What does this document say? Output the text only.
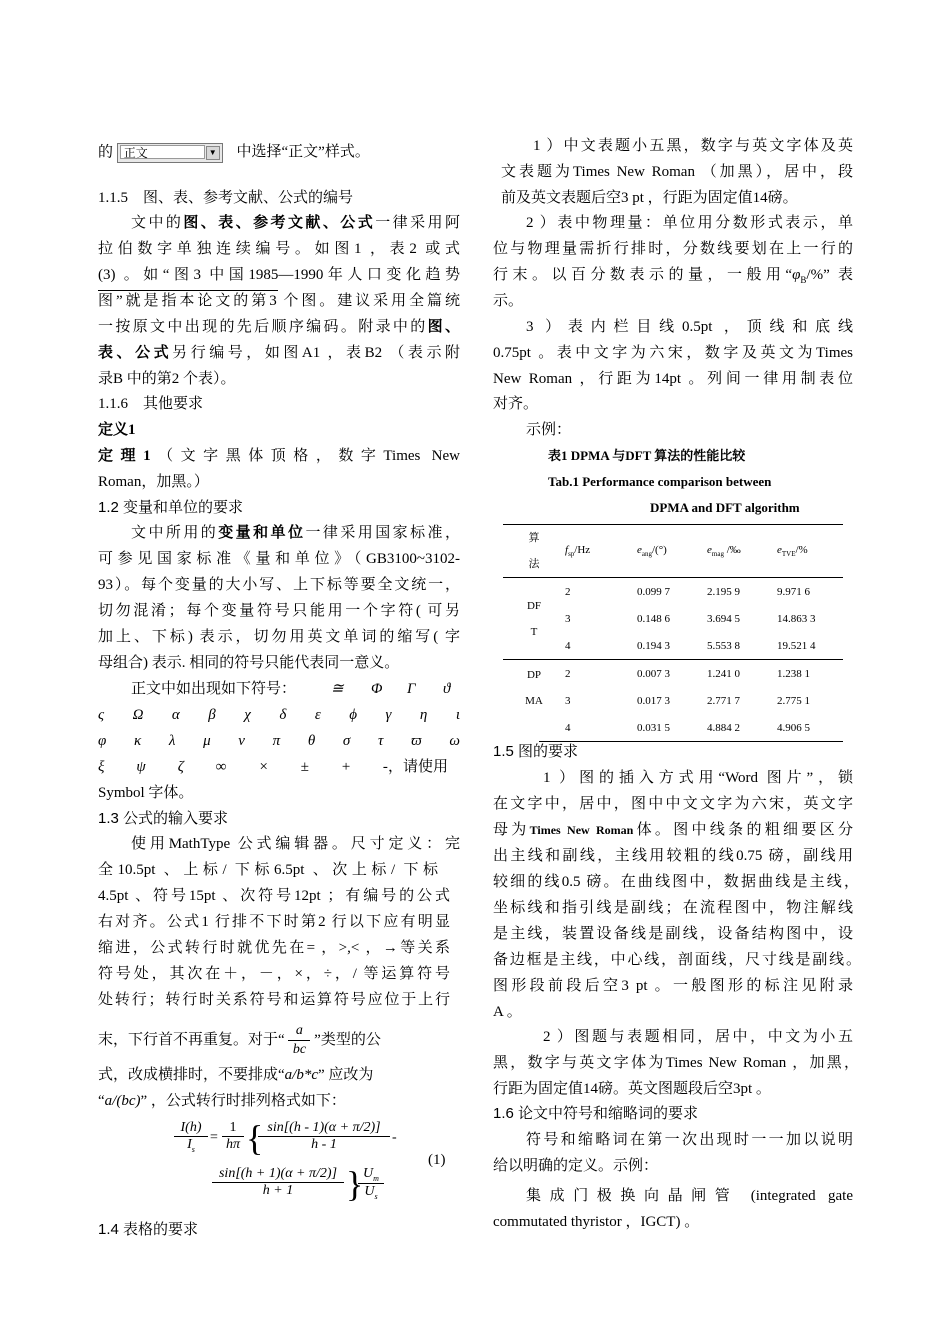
的 正文	▼ 中选择“正文”样式。
1.1.5　图、表、参考文献、公式的编号
文中的图、表、参考文献、公式一律采用阿
拉伯数字单独连续编号。如图1 ，表2 或式
(3) 。如“图3 中国1985—1990年人口变化趋势
图”就是指本论文的第3 个图。建议采用全篇统
一按原文中出现的先后顺序编码。附录中的图、
表、公式另行编号，如图A1 ，表B2 （表示附
录B 中的第2 个表）。
1.1.6　其他要求
定义1
定理1（文字黑体顶格，数字Times New
Roman，加黑。）
1.2 变量和单位的要求
文中所用的变量和单位一律采用国家标准，
可参见国家标准《量和单位》（GB3100~3102-
93）。每个变量的大小写、上下标等要全文统一，
切勿混淆；每个变量符号只能用一个字符( 可另
加上、下标) 表示，切勿用英文单词的缩写( 字
母组合) 表示. 相同的符号只能代表同一意义。
正文中如出现如下符号： ≅ Φ Γ ϑ
ς Ω α β χ δ ε ϕ γ η ι
φ κ λ μ ν π θ σ τ ϖ ω
ξ ψ ζ ∞ × ± + - ，请使用
Symbol 字体。
1.3 公式的输入要求
使用MathType 公式编辑器。尺寸定义：完
全10.5pt 、上标/ 下标6.5pt 、次上标/ 下标
4.5pt 、符号15pt 、次符号12pt ；有编号的公式
右对齐。公式1 行排不下时第2 行以下应有明显
缩进，公式转行时就优先在= ，>,< ，→等关系
符号处，其次在＋，－，×，÷，/ 等运算符号
处转行；转行时关系符号和运算符号应位于上行
末，下行首不再重复。对于“ $\frac{a}{bc}$ ”类型的公
式，改成横排时，不要排成“a/b*c” 应改为
“a/(bc)” ，公式转行时排列格式如下：
$\frac{I(h)}{I_s} = \frac{1}{h\pi}$ {
$\frac{\sin[(h - 1)(\alpha + \pi/2)]}{h - 1}$ -
$\frac{\sin[(h + 1)(\alpha + \pi/2)]}{h + 1}$ }
$\frac{U_m}{U_s}$
(1)
1.4 表格的要求
1 ）中文表题小五黑，数字与英文字体及英
文表题为Times New Roman （加黑），居中，段
前及英文表题后空3 pt ，行距为固定值14磅。
2 ）表中物理量：单位用分数形式表示，单
位与物理量需折行排时，分数线要划在上一行的
行末。以百分数表示的量，一般用“$\varphi_B/\%$” 表
示。
3 ）表内栏目线0.5pt ，顶线和底线
0.75pt 。表中文字为六宋，数字及英文为Times
New Roman ，行距为14pt 。列间一律用制表位
对齐。
示例：
表1 DPMA 与DFT 算法的性能比较
Tab.1 Performance comparison between
DPMA and DFT algorithm
算
法	$f_{sp}/Hz$	$e_{ang}/(^\circ)$	$e_{mag}$ /‰	$e_{TVE}/\%$
DF
T	2	0.099 7	2.195 9	9.971 6
	3	0.148 6	3.694 5	14.863 3
	4	0.194 3	5.553 8	19.521 4
DP
MA	2	0.007 3	1.241 0	1.238 1
	3	0.017 3	2.771 7	2.775 1
	4	0.031 5	4.884 2	4.906 5
1.5 图的要求
1 ）图的插入方式用“Word 图片”，锁
在文字中，居中，图中中文文字为六宋，英文字
母为Times New Roman体。图中线条的粗细要区分
出主线和副线，主线用较粗的线0.75 磅，副线用
较细的线0.5 磅。在曲线图中，数据曲线是主线，
坐标线和指引线是副线；在流程图中，物注解线
是主线，装置设备线是副线，设备结构图中，设
备边框是主线，中心线，剖面线，尺寸线是副线。
图形段前段后空3 pt 。一般图形的标注见附录
A 。
2 ）图题与表题相同，居中，中文为小五
黑，数字与英文字体为Times New Roman ，加黑，
行距为固定值14磅。英文图题段后空3pt 。
1.6 论文中符号和缩略词的要求
符号和缩略词在第一次出现时一一加以说明
给以明确的定义。示例：
集成门极换向晶闸管 (integrated gate
commutated thyristor ，IGCT) 。
